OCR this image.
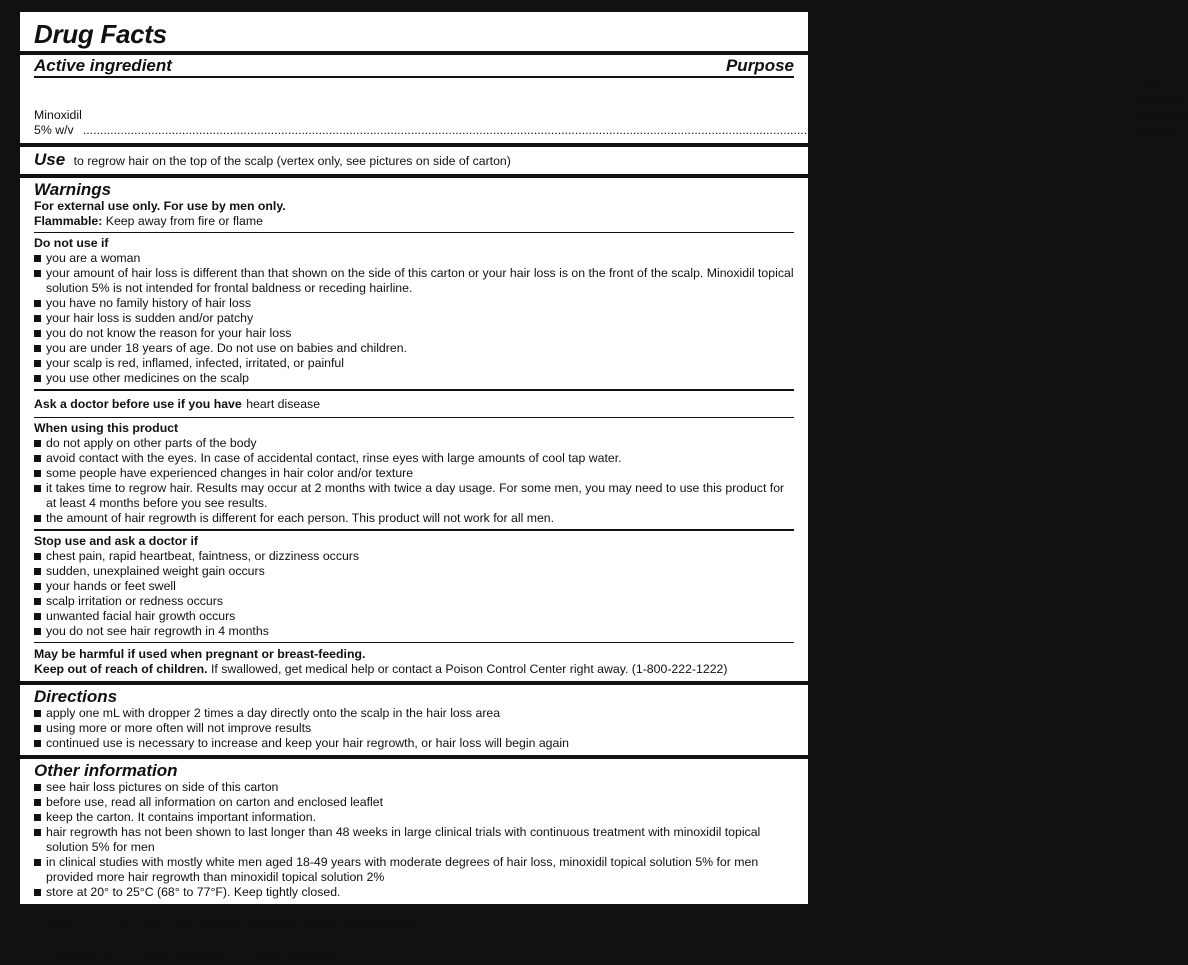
Drug Facts
Active ingredient	Purpose
Minoxidil 5% w/v ....................................................................................................................................................................................................................................................................................................................
Hair regrowth treatment for men
Use to regrow hair on the top of the scalp (vertex only, see pictures on side of carton)
Warnings
For external use only. For use by men only.
Flammable: Keep away from fire or flame
Do not use if
you are a woman
your amount of hair loss is different than that shown on the side of this carton or your hair loss is on the front of the scalp. Minoxidil topical solution 5% is not intended for frontal baldness or receding hairline.
you have no family history of hair loss
your hair loss is sudden and/or patchy
you do not know the reason for your hair loss
you are under 18 years of age. Do not use on babies and children.
your scalp is red, inflamed, infected, irritated, or painful
you use other medicines on the scalp
Ask a doctor before use if you have heart disease
When using this product
do not apply on other parts of the body
avoid contact with the eyes. In case of accidental contact, rinse eyes with large amounts of cool tap water.
some people have experienced changes in hair color and/or texture
it takes time to regrow hair. Results may occur at 2 months with twice a day usage. For some men, you may need to use this product for at least 4 months before you see results.
the amount of hair regrowth is different for each person. This product will not work for all men.
Stop use and ask a doctor if
chest pain, rapid heartbeat, faintness, or dizziness occurs
sudden, unexplained weight gain occurs
your hands or feet swell
scalp irritation or redness occurs
unwanted facial hair growth occurs
you do not see hair regrowth in 4 months
May be harmful if used when pregnant or breast-feeding.
Keep out of reach of children. If swallowed, get medical help or contact a Poison Control Center right away. (1-800-222-1222)
Directions
apply one mL with dropper 2 times a day directly onto the scalp in the hair loss area
using more or more often will not improve results
continued use is necessary to increase and keep your hair regrowth, or hair loss will begin again
Other information
see hair loss pictures on side of this carton
before use, read all information on carton and enclosed leaflet
keep the carton. It contains important information.
hair regrowth has not been shown to last longer than 48 weeks in large clinical trials with continuous treatment with minoxidil topical solution 5% for men
in clinical studies with mostly white men aged 18-49 years with moderate degrees of hair loss, minoxidil topical solution 5% for men provided more hair regrowth than minoxidil topical solution 2%
store at 20° to 25°C (68° to 77°F). Keep tightly closed.
Inactive ingredients alcohol, propylene glycol, purified water
Questions or comments? 1-800-719-9260
